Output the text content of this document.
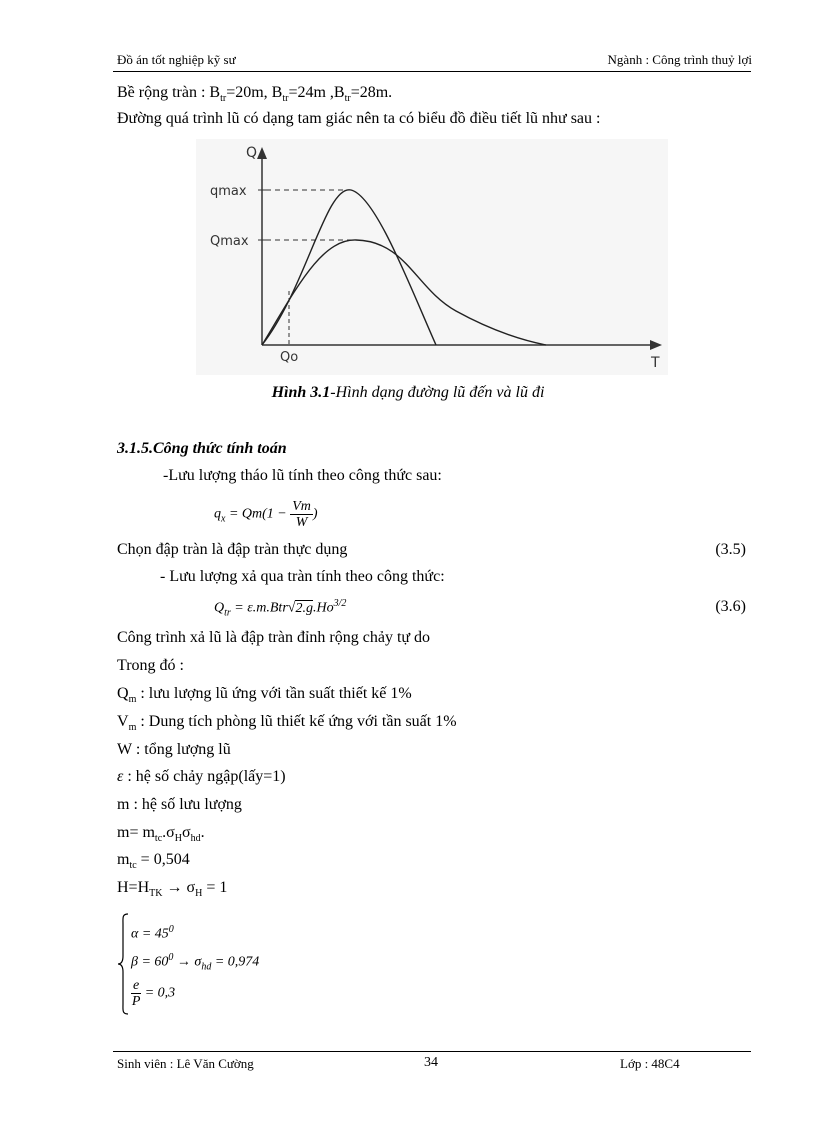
Đồ án tốt nghiệp kỹ sư	Ngành : Công trình thuỷ lợi
Bề rộng tràn : $B_{tr}=20m$, $B_{tr}=24m$ $,B_{tr}=28m$.
Đường quá trình lũ có dạng tam giác nên ta có biểu đồ điều tiết lũ như sau :
Q
T
qmax
Qmax
Qo
Hình 3.1-Hình dạng đường lũ đến và lũ đi
3.1.5.Công thức tính toán
-Lưu lượng tháo lũ tính theo công thức sau:
$q_x = Qm(1 - \frac{Vm}{W}$ )
Chọn đập tràn là đập tràn thực dụng	(3.5)
- Lưu lượng xả qua tràn tính theo công thức:
$Q_{tr} = \varepsilon.m.Btr√2.g.Ho^{3/2}$	(3.6)
Công trình xả lũ là đập tràn đỉnh rộng chảy tự do
Trong đó :
$Q_m$ : lưu lượng lũ ứng với tần suất thiết kế 1%
$V_m$ : Dung tích phòng lũ thiết kế ứng với tần suất 1%
W : tổng lượng lũ
ε : hệ số chảy ngập(lấy=1)
m : hệ số lưu lượng
$m= m_{tc}.\sigma_H\sigma_{hd}$.
$m_{tc} = 0,504$
$H=H_{TK} \to \sigma_H = 1$
$\alpha = 45^0$
$\beta = 60^0 \to \sigma_{hd} = 0,974$
$\frac{e}{P} = 0,3$
Sinh viên : Lê Văn Cường	34	Lớp : 48C4
